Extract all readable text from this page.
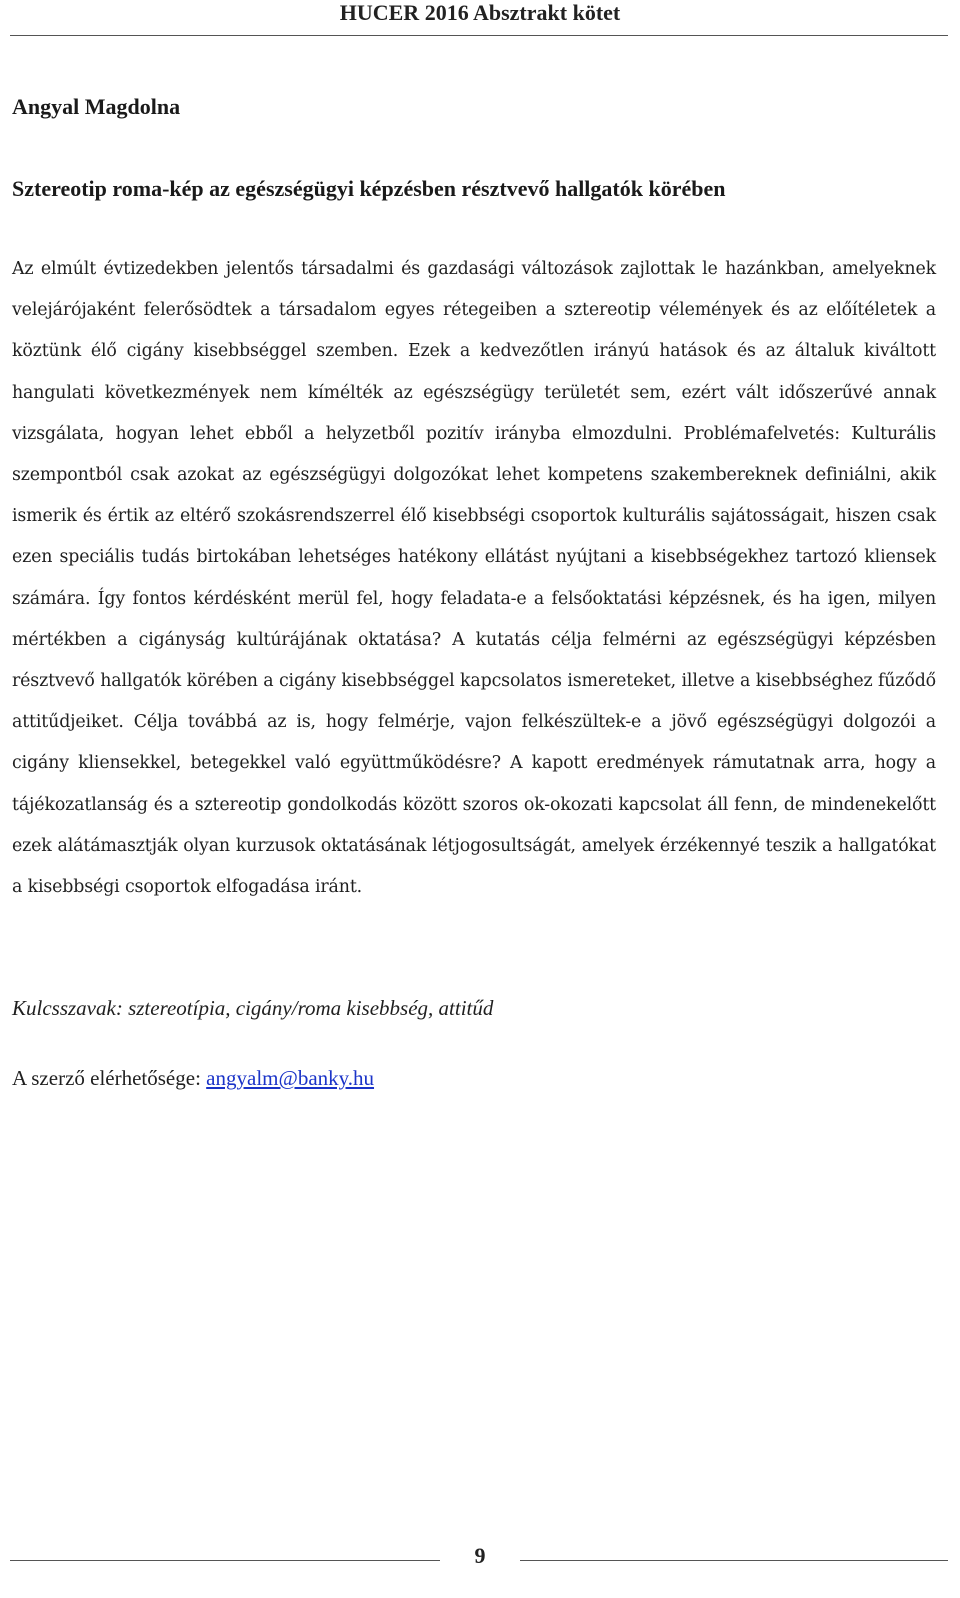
HUCER 2016 Absztrakt kötet
Angyal Magdolna
Sztereotip roma-kép az egészségügyi képzésben résztvevő hallgatók körében

Az elmúlt évtizedekben jelentős társadalmi és gazdasági változások zajlottak le hazánkban, amelyeknek velejárójaként felerősödtek a társadalom egyes rétegeiben a sztereotip vélemények és az előítéletek a köztünk élő cigány kisebbséggel szemben. Ezek a kedvezőtlen irányú hatások és az általuk kiváltott hangulati következmények nem kímélték az egészségügy területét sem, ezért vált időszerűvé annak vizsgálata, hogyan lehet ebből a helyzetből pozitív irányba elmozdulni. Problémafelvetés: Kulturális szempontból csak azokat az egészségügyi dolgozókat lehet kompetens szakembereknek definiálni, akik ismerik és értik az eltérő szokásrendszerrel élő kisebbségi csoportok kulturális sajátosságait, hiszen csak ezen speciális tudás birtokában lehetséges hatékony ellátást nyújtani a kisebbségekhez tartozó kliensek számára. Így fontos kérdésként merül fel, hogy feladata-e a felsőoktatási képzésnek, és ha igen, milyen mértékben a cigányság kultúrájának oktatása? A kutatás célja felmérni az egészségügyi képzésben résztvevő hallgatók körében a cigány kisebbséggel kapcsolatos ismereteket, illetve a kisebbséghez fűződő attitűdjeiket. Célja továbbá az is, hogy felmérje, vajon felkészültek-e a jövő egészségügyi dolgozói a cigány kliensekkel, betegekkel való együttműködésre? A kapott eredmények rámutatnak arra, hogy a tájékozatlanság és a sztereotip gondolkodás között szoros ok-okozati kapcsolat áll fenn, de mindenekelőtt ezek alátámasztják olyan kurzusok oktatásának létjogosultságát, amelyek érzékennyé teszik a hallgatókat a kisebbségi csoportok elfogadása iránt.

Kulcsszavak: sztereotípia, cigány/roma kisebbség, attitűd

A szerző elérhetősége: angyalm@banky.hu

9
